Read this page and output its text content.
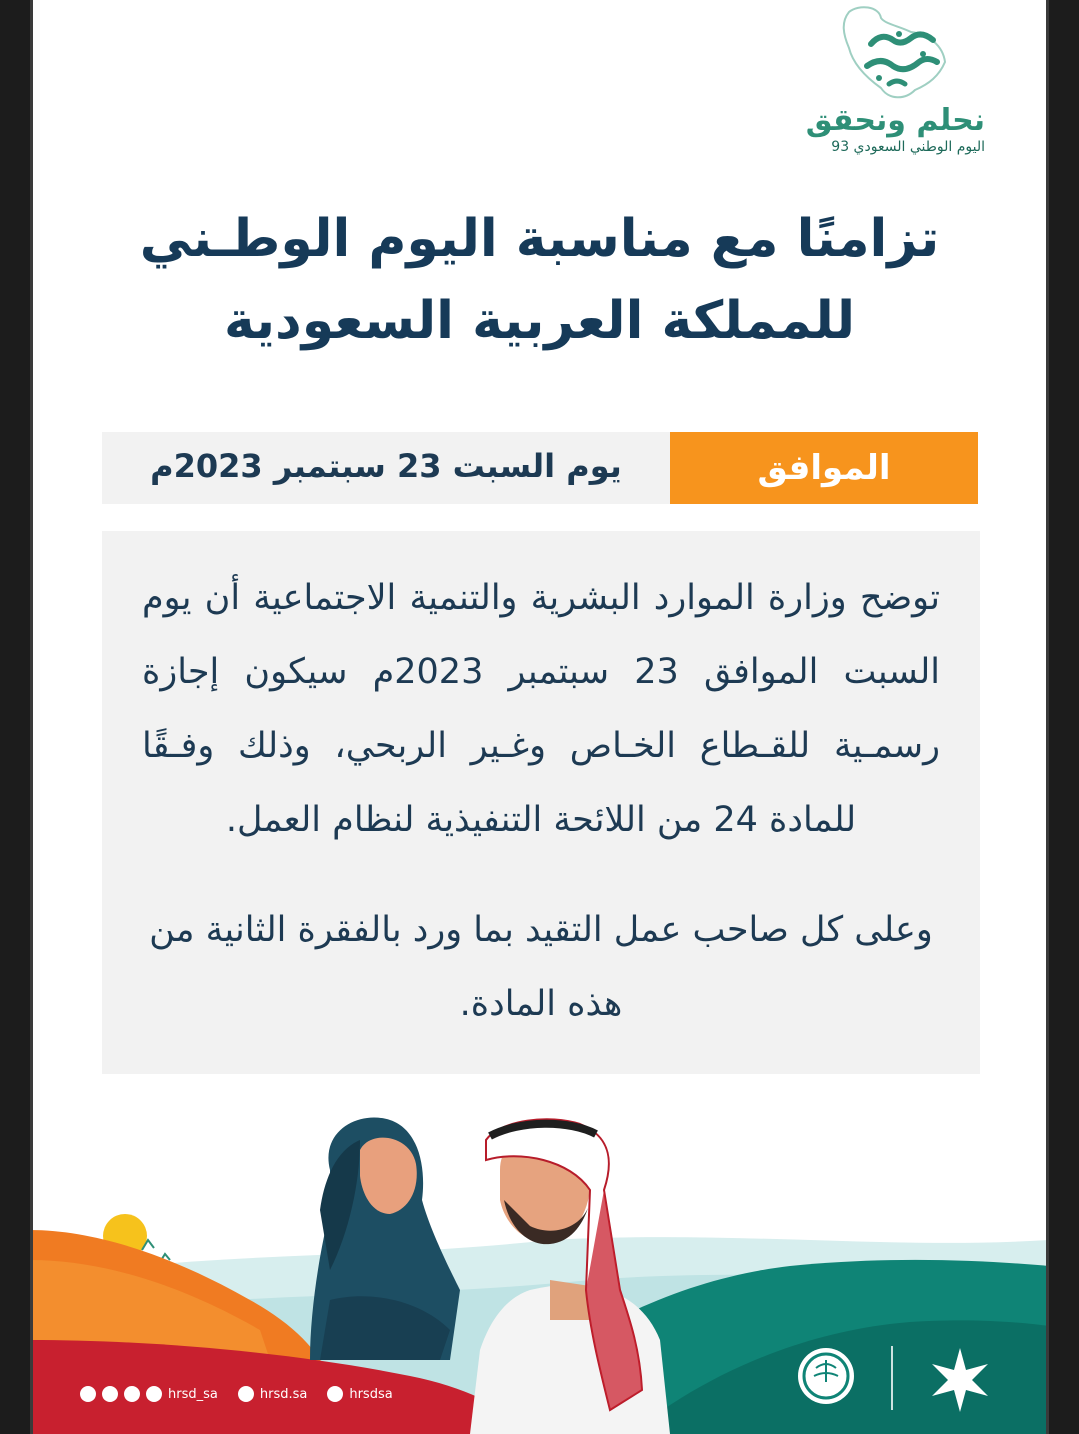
نحلم ونحقق
اليوم الوطني السعودي 93
تزامنًا مع مناسبة اليوم الوطـني
للمملكة العربية السعودية
الموافق
يوم السبت 23 سبتمبر 2023م
توضح وزارة الموارد البشرية والتنمية الاجتماعية أن يوم السبت الموافق 23 سبتمبر 2023م سيكون إجازة رسمـية للقـطاع الخـاص وغـير الربحي، وذلك وفـقًا للمادة 24 من اللائحة التنفيذية لنظام العمل.
وعلى كل صاحب عمل التقيد بما ورد بالفقرة الثانية من هذه المادة.
hrsd_sa	hrsd.sa	hrsdsa
